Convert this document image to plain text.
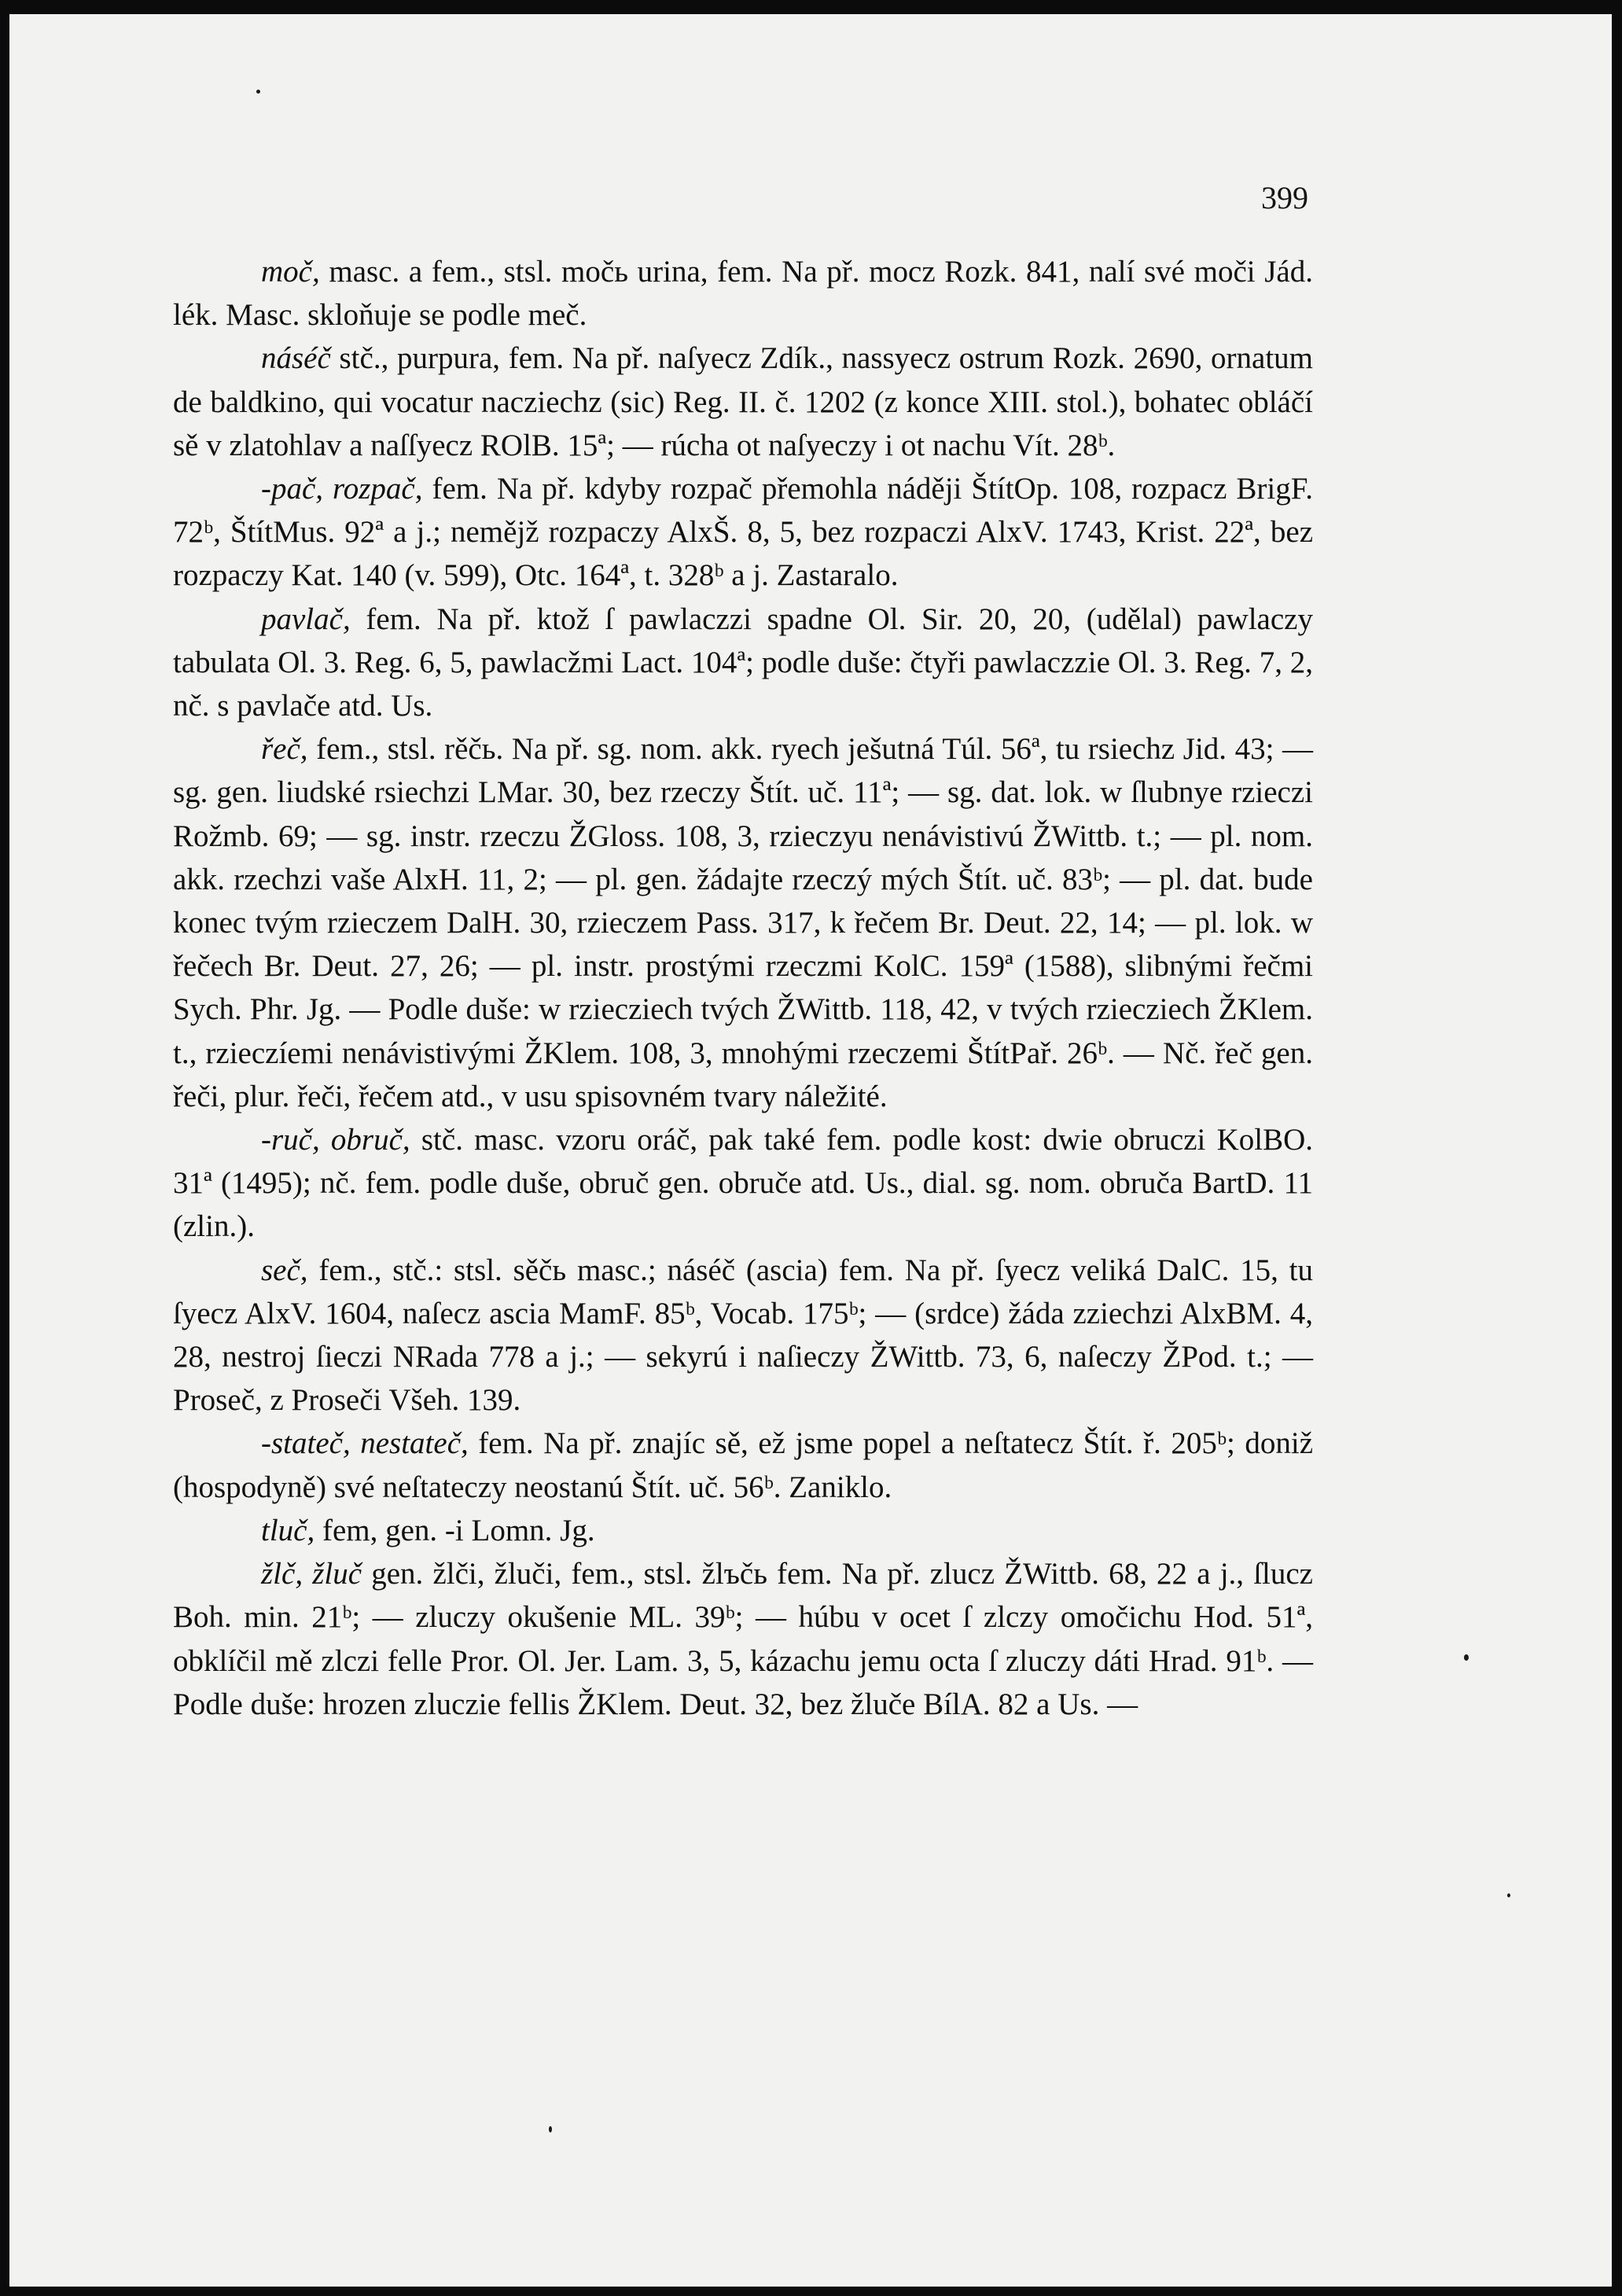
399

moč, masc. a fem., stsl. močь urina, fem. Na př. mocz Rozk. 841, nalí své moči Jád. lék. Masc. skloňuje se podle meč.

náséč stč., purpura, fem. Na př. naſyecz Zdík., nassyecz ostrum Rozk. 2690, ornatum de baldkino, qui vocatur nacziechz (sic) Reg. II. č. 1202 (z konce XIII. stol.), bohatec obláčí sě v zlatohlav a naſſyecz ROlB. 15ª; — rúcha ot naſyeczy i ot nachu Vít. 28ᵇ.

-pač, rozpač, fem. Na př. kdyby rozpač přemohla náději ŠtítOp. 108, rozpacz BrigF. 72ᵇ, ŠtítMus. 92ª a j.; nemějž rozpaczy AlxŠ. 8, 5, bez rozpaczi AlxV. 1743, Krist. 22ª, bez rozpaczy Kat. 140 (v. 599), Otc. 164ª, t. 328ᵇ a j. Zastaralo.

pavlač, fem. Na př. ktož ſ pawlaczzi spadne Ol. Sir. 20, 20, (udělal) pawlaczy tabulata Ol. 3. Reg. 6, 5, pawlacžmi Lact. 104ª; podle duše: čtyři pawlaczzie Ol. 3. Reg. 7, 2, nč. s pavlače atd. Us.

řeč, fem., stsl. rěčь. Na př. sg. nom. akk. ryech ješutná Túl. 56ª, tu rsiechz Jid. 43; — sg. gen. liudské rsiechzi LMar. 30, bez rzeczy Štít. uč. 11ª; — sg. dat. lok. w ſlubnye rzieczi Rožmb. 69; — sg. instr. rzeczu ŽGloss. 108, 3, rzieczyu nenávistivú ŽWittb. t.; — pl. nom. akk. rzechzi vaše AlxH. 11, 2; — pl. gen. žádajte rzeczý mých Štít. uč. 83ᵇ; — pl. dat. bude konec tvým rzieczem DalH. 30, rzieczem Pass. 317, k řečem Br. Deut. 22, 14; — pl. lok. w řečech Br. Deut. 27, 26; — pl. instr. prostými rzeczmi KolC. 159ª (1588), slibnými řečmi Sych. Phr. Jg. — Podle duše: w rziecziech tvých ŽWittb. 118, 42, v tvých rziecziech ŽKlem. t., rzieczíemi nenávistivými ŽKlem. 108, 3, mnohými rzeczemi ŠtítPař. 26ᵇ. — Nč. řeč gen. řeči, plur. řeči, řečem atd., v usu spisovném tvary náležité.

-ruč, obruč, stč. masc. vzoru oráč, pak také fem. podle kost: dwie obruczi KolBO. 31ª (1495); nč. fem. podle duše, obruč gen. obruče atd. Us., dial. sg. nom. obruča BartD. 11 (zlin.).

seč, fem., stč.: stsl. sěčь masc.; náséč (ascia) fem. Na př. ſyecz veliká DalC. 15, tu ſyecz AlxV. 1604, naſecz ascia MamF. 85ᵇ, Vocab. 175ᵇ; — (srdce) žáda zziechzi AlxBM. 4, 28, nestroj ſieczi NRada 778 a j.; — sekyrú i naſieczy ŽWittb. 73, 6, naſeczy ŽPod. t.; — Proseč, z Proseči Všeh. 139.

-stateč, nestateč, fem. Na př. znajíc sě, ež jsme popel a neſtatecz Štít. ř. 205ᵇ; doniž (hospodyně) své neſtateczy neostanú Štít. uč. 56ᵇ. Zaniklo.

tluč, fem, gen. -i Lomn. Jg.

žlč, žluč gen. žlči, žluči, fem., stsl. žlъčь fem. Na př. zlucz ŽWittb. 68, 22 a j., ſlucz Boh. min. 21ᵇ; — zluczy okušenie ML. 39ᵇ; — húbu v ocet ſ zlczy omočichu Hod. 51ª, obklíčil mě zlczi felle Pror. Ol. Jer. Lam. 3, 5, kázachu jemu octa ſ zluczy dáti Hrad. 91ᵇ. — Podle duše: hrozen zluczie fellis ŽKlem. Deut. 32, bez žluče BílA. 82 a Us. —
